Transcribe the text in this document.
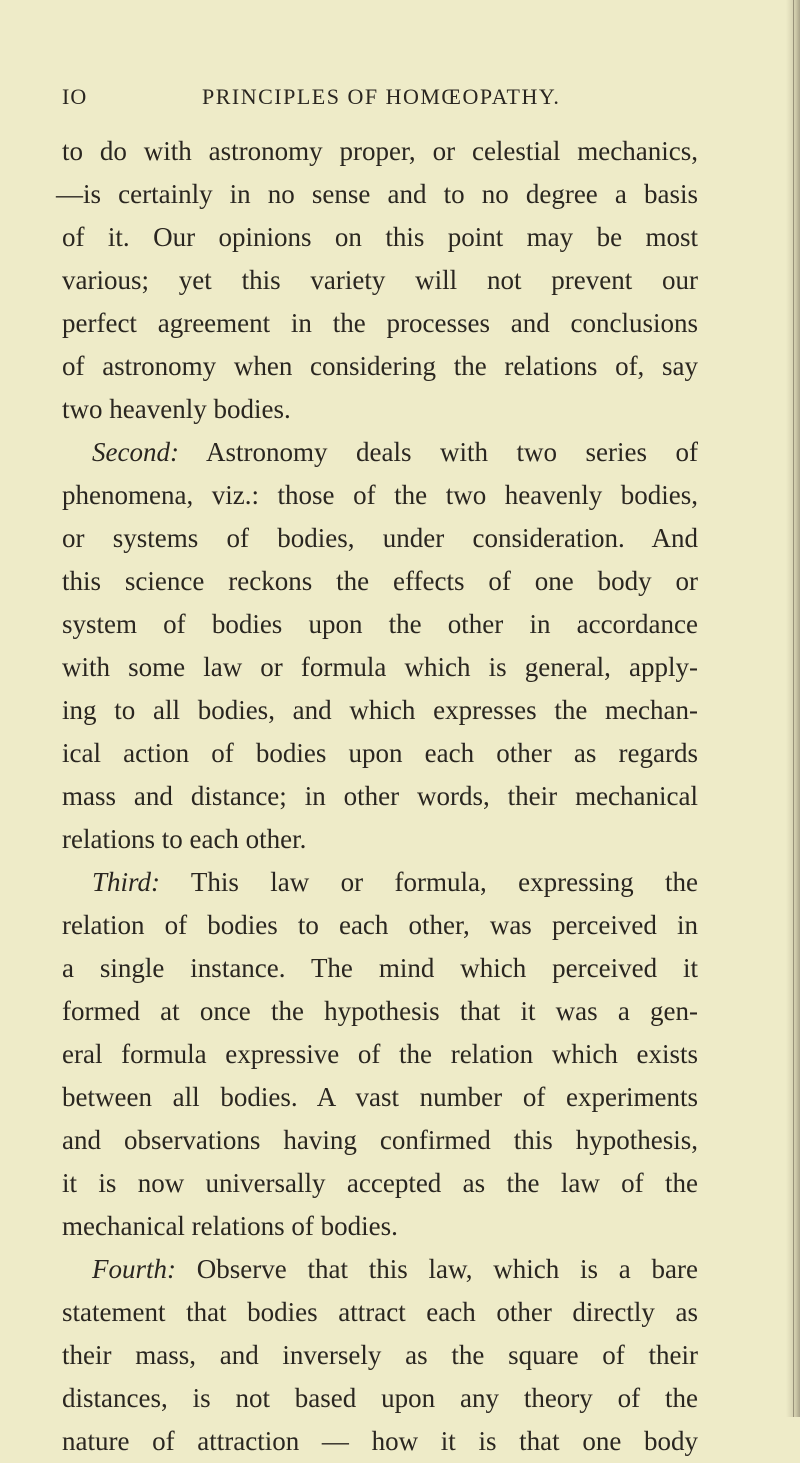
IO	PRINCIPLES OF HOMŒOPATHY.
to do with astronomy proper, or celestial mechanics,
—is certainly in no sense and to no degree a basis
of it. Our opinions on this point may be most
various; yet this variety will not prevent our
perfect agreement in the processes and conclusions
of astronomy when considering the relations of, say
two heavenly bodies.
Second: Astronomy deals with two series of
phenomena, viz.: those of the two heavenly bodies,
or systems of bodies, under consideration. And
this science reckons the effects of one body or
system of bodies upon the other in accordance
with some law or formula which is general, apply-
ing to all bodies, and which expresses the mechan-
ical action of bodies upon each other as regards
mass and distance; in other words, their mechanical
relations to each other.
Third: This law or formula, expressing the
relation of bodies to each other, was perceived in
a single instance. The mind which perceived it
formed at once the hypothesis that it was a gen-
eral formula expressive of the relation which exists
between all bodies. A vast number of experiments
and observations having confirmed this hypothesis,
it is now universally accepted as the law of the
mechanical relations of bodies.
Fourth: Observe that this law, which is a bare
statement that bodies attract each other directly as
their mass, and inversely as the square of their
distances, is not based upon any theory of the
nature of attraction — how it is that one body
